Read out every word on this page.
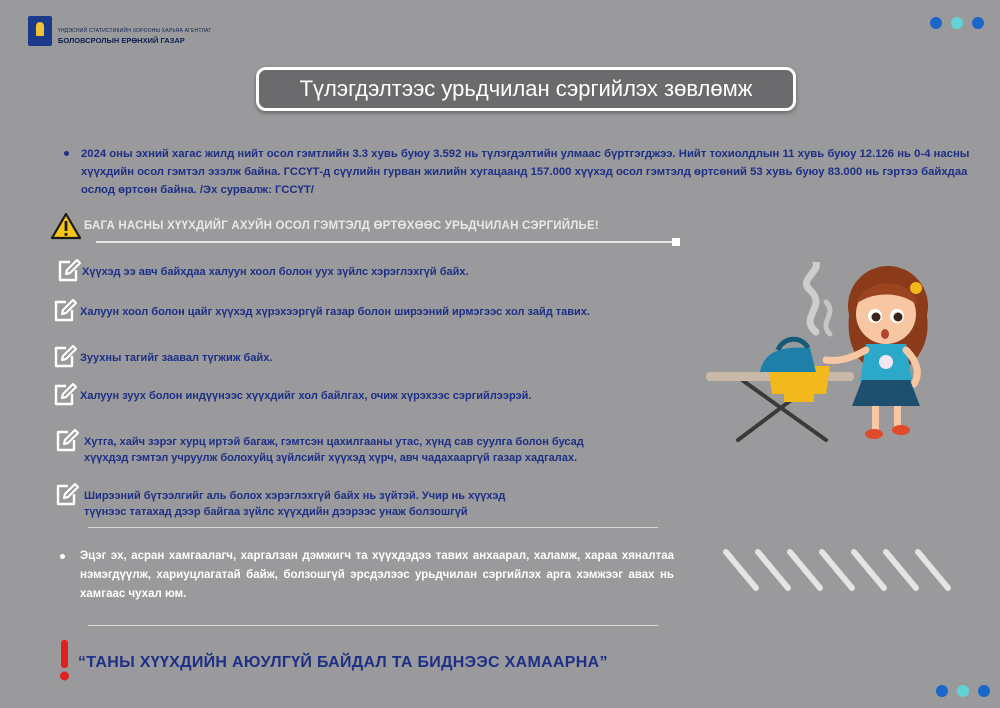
ҮНДЭСНИЙ СТАТИСТИКИЙН ХОРООНЫ ХАРЬЯА АГЕНТЛАГ
БОЛОВСРОЛЫН ЕРӨНХИЙ ГАЗАР
Түлэгдэлтээс урьдчилан сэргийлэх зөвлөмж

2024 оны эхний хагас жилд нийт осол гэмтлийн 3.3 хувь буюу 3.592 нь түлэгдэлтийн улмаас бүртгэгджээ. Нийт тохиолдлын 11 хувь буюу 12.126 нь 0-4 насны хүүхдийн осол гэмтэл эзэлж байна. ГССҮТ-д сүүлийн гурван жилийн хугацаанд 157.000 хүүхэд осол гэмтэлд өртсөний 53 хувь буюу 83.000 нь гэртээ байхдаа ослод өртсөн байна. /Эх сурвалж: ГССҮТ/

БАГА НАСНЫ ХҮҮХДИЙГ АХУЙН ОСОЛ ГЭМТЭЛД ӨРТӨХӨӨС УРЬДЧИЛАН СЭРГИЙЛЬЕ!
Хүүхэд ээ авч байхдаа халуун хоол болон уух зүйлс хэрэглэхгүй байх.
Халуун хоол болон цайг хүүхэд хүрэхээргүй газар болон ширээний ирмэгээс хол зайд тавих.
Зуухны тагийг заавал түгжиж байх.
Халуун зуух болон индүүнээс хүүхдийг хол байлгах, очиж хүрэхээс сэргийлээрэй.
Хутга, хайч зэрэг хурц иртэй багаж, гэмтсэн цахилгааны утас, хүнд сав суулга болон бусад
хүүхдэд гэмтэл учруулж болохуйц зүйлсийг хүүхэд хүрч, авч чадахааргүй газар хадгалах.
Ширээний бүтээлгийг аль болох хэрэглэхгүй байх нь зүйтэй. Учир нь хүүхэд
түүнээс татахад дээр байгаа зүйлс хүүхдийн дээрээс унаж болзошгүй

Эцэг эх, асран хамгаалагч, харгалзан дэмжигч та хүүхдэдээ тавих анхаарал, халамж, хараа хяналтаа нэмэгдүүлж, хариуцлагатай байж, болзошгүй эрсдэлээс урьдчилан сэргийлэх арга хэмжээг авах нь хамгаас чухал юм.

“ТАНЫ ХҮҮХДИЙН АЮУЛГҮЙ БАЙДАЛ ТА БИДНЭЭС ХАМААРНА”
